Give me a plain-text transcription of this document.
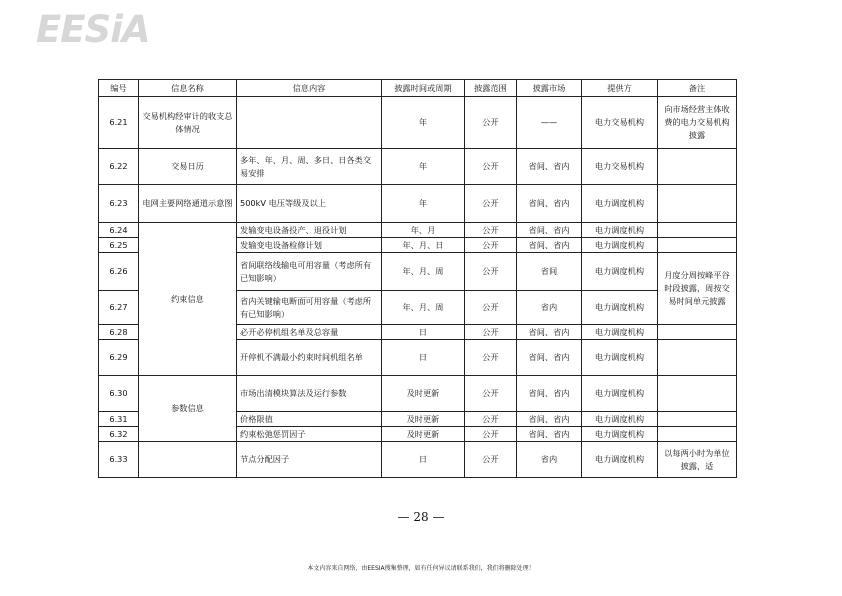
EESiA
编号	信息名称	信息内容	披露时间或周期	披露范围	披露市场	提供方	备注
6.21	交易机构经审计的收支总体情况		年	公开	——	电力交易机构	向市场经营主体收费的电力交易机构披露
6.22	交易日历	多年、年、月、周、多日、日各类交易安排	年	公开	省间、省内	电力交易机构	
6.23	电网主要网络通道示意图	500kV 电压等级及以上	年	公开	省间、省内	电力调度机构	
6.24	约束信息	发输变电设备投产、退役计划	年、月	公开	省间、省内	电力调度机构	
6.25		发输变电设备检修计划	年、月、日	公开	省间、省内	电力调度机构	
6.26		省间联络线输电可用容量（考虑所有已知影响）	年、月、周	公开	省间	电力调度机构	月度分周按峰平谷时段披露，周按交易时间单元披露
6.27		省内关键输电断面可用容量（考虑所有已知影响）	年、月、周	公开	省内	电力调度机构	
6.28		必开必停机组名单及总容量	日	公开	省间、省内	电力调度机构	
6.29		开停机不满最小约束时间机组名单	日	公开	省间、省内	电力调度机构	
6.30	参数信息	市场出清模块算法及运行参数	及时更新	公开	省间、省内	电力调度机构	
6.31		价格限值	及时更新	公开	省间、省内	电力调度机构	
6.32		约束松弛惩罚因子	及时更新	公开	省间、省内	电力调度机构	
6.33		节点分配因子	日	公开	省内	电力调度机构	以每两小时为单位披露，适
— 28 —
本文内容来自网络，由EESIA搜集整理，如有任何异议请联系我们，我们将删除处理！
